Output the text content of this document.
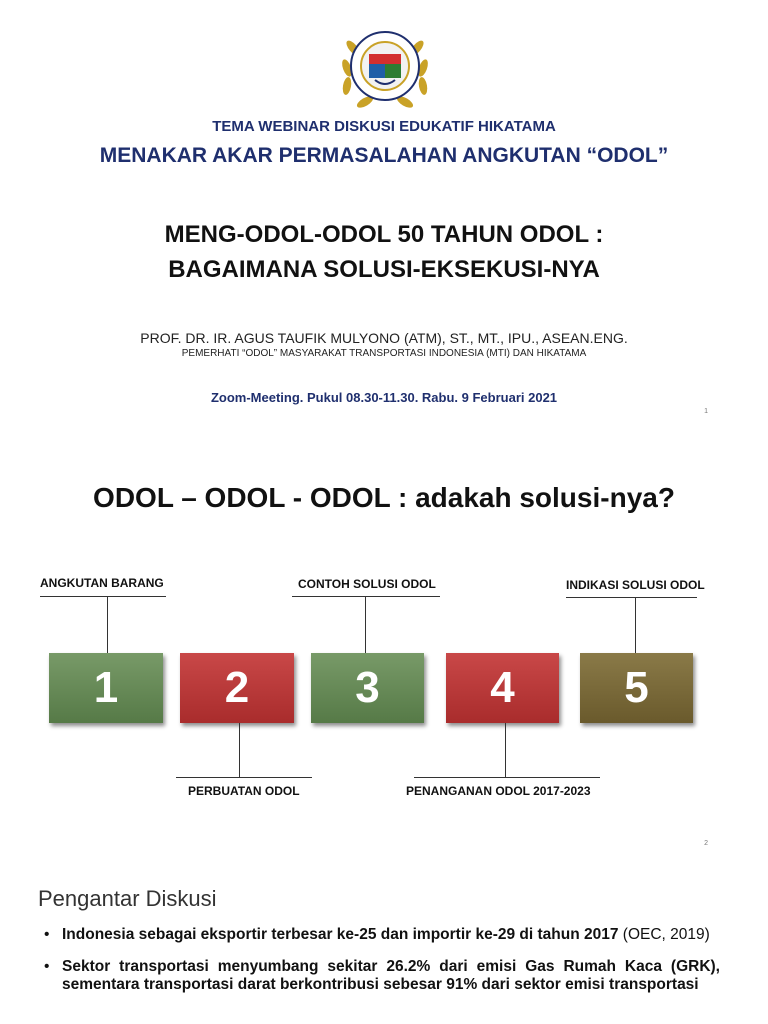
TEMA WEBINAR DISKUSI EDUKATIF HIKATAMA
MENAKAR AKAR PERMASALAHAN ANGKUTAN “ODOL”
MENG-ODOL-ODOL 50 TAHUN ODOL :
BAGAIMANA SOLUSI-EKSEKUSI-NYA
PROF. DR. IR. AGUS TAUFIK MULYONO (ATM), ST., MT., IPU., ASEAN.ENG.
PEMERHATI “ODOL” MASYARAKAT TRANSPORTASI INDONESIA (MTI) DAN HIKATAMA
Zoom-Meeting. Pukul 08.30-11.30. Rabu. 9 Februari 2021
1
ODOL – ODOL - ODOL : adakah solusi-nya?
ANGKUTAN BARANG	CONTOH SOLUSI ODOL	INDIKASI SOLUSI ODOL
1	2	3	4	5
PERBUATAN ODOL	PENANGANAN ODOL 2017-2023
2
Pengantar Diskusi
• Indonesia sebagai eksportir terbesar ke-25 dan importir ke-29 di tahun 2017 (OEC, 2019)
• Sektor transportasi menyumbang sekitar 26.2% dari emisi Gas Rumah Kaca (GRK), sementara transportasi darat berkontribusi sebesar 91% dari sektor emisi transportasi
